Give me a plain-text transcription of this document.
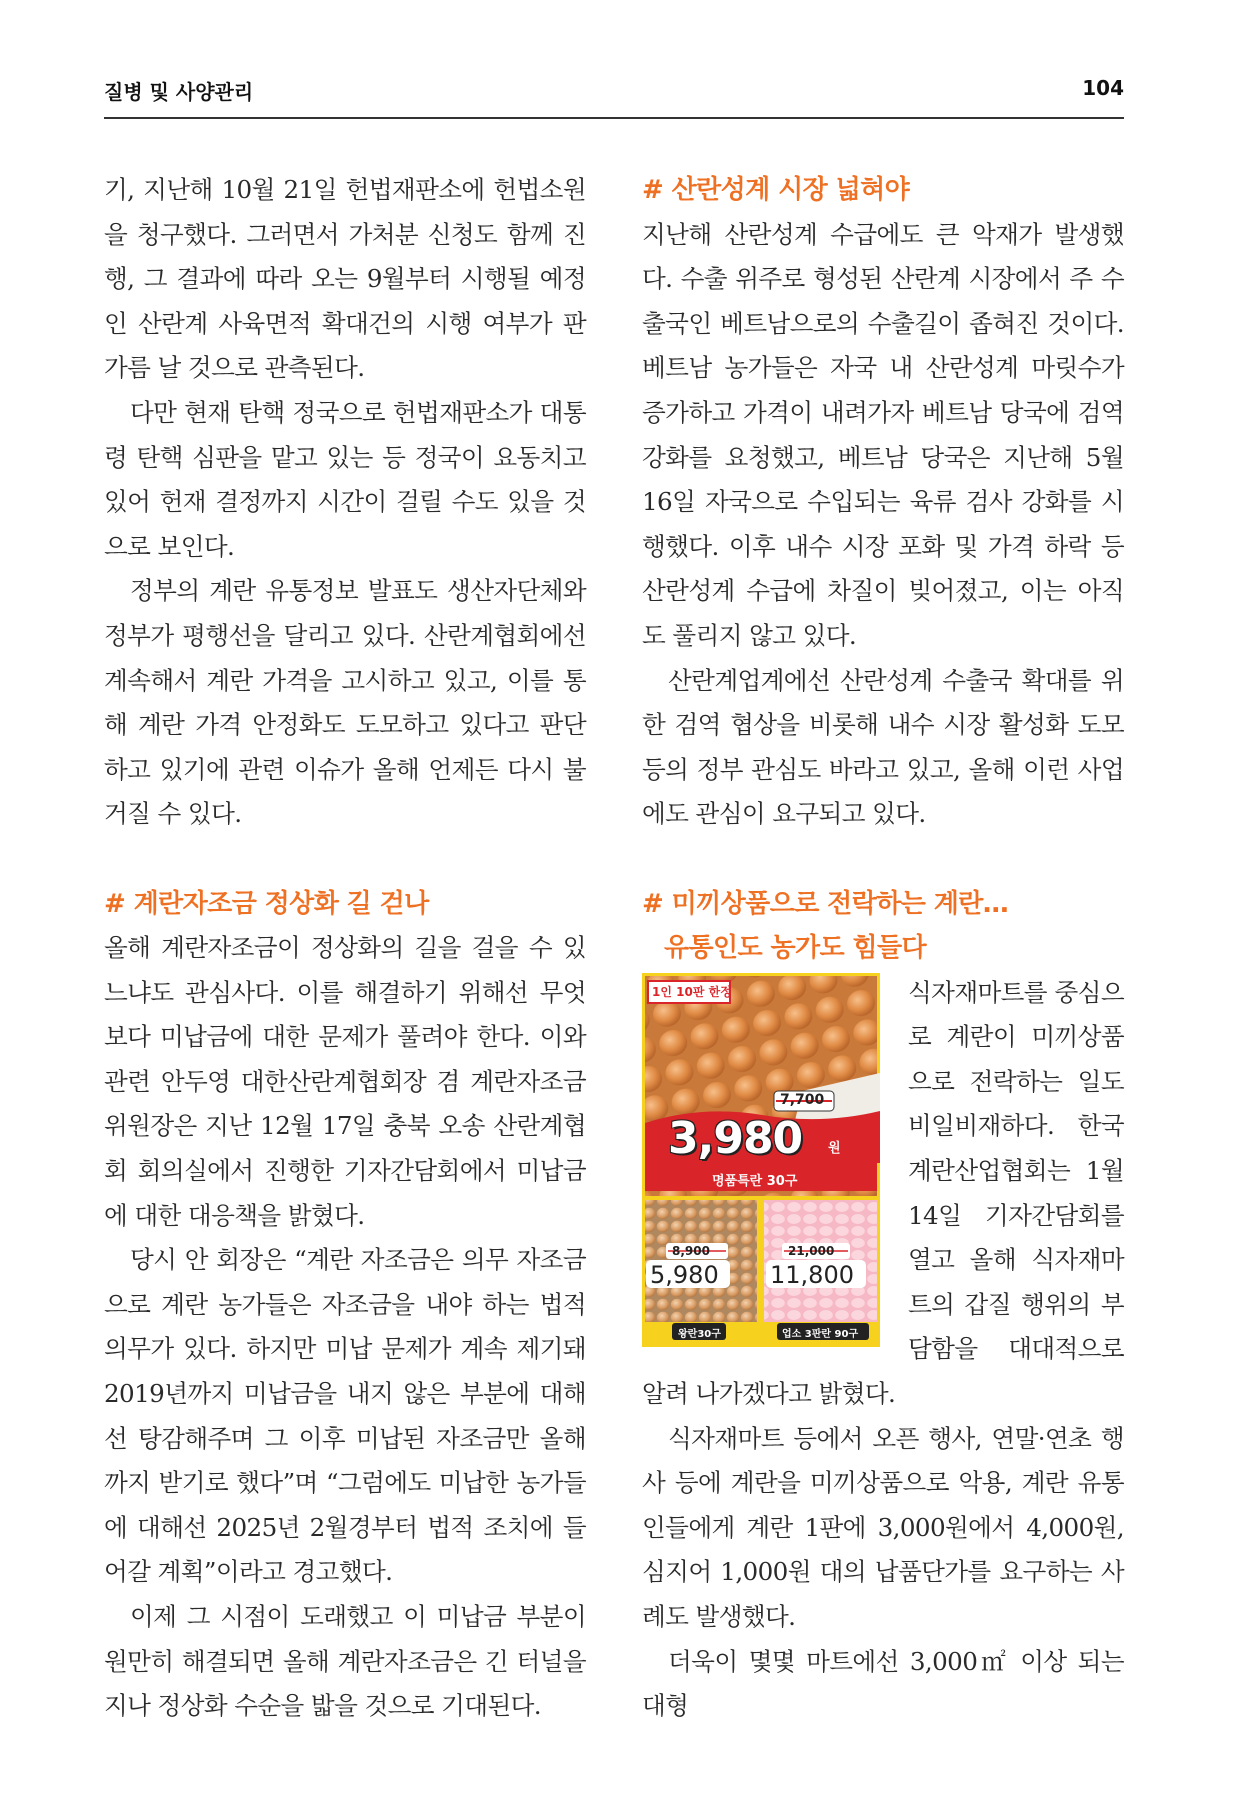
질병 및 사양관리	104

기, 지난해 10월 21일 헌법재판소에 헌법소원을 청구했다. 그러면서 가처분 신청도 함께 진행, 그 결과에 따라 오는 9월부터 시행될 예정인 산란계 사육면적 확대건의 시행 여부가 판가름 날 것으로 관측된다.

다만 현재 탄핵 정국으로 헌법재판소가 대통령 탄핵 심판을 맡고 있는 등 정국이 요동치고 있어 헌재 결정까지 시간이 걸릴 수도 있을 것으로 보인다.

정부의 계란 유통정보 발표도 생산자단체와 정부가 평행선을 달리고 있다. 산란계협회에선 계속해서 계란 가격을 고시하고 있고, 이를 통해 계란 가격 안정화도 도모하고 있다고 판단하고 있기에 관련 이슈가 올해 언제든 다시 불거질 수 있다.

# 계란자조금 정상화 길 걷나

올해 계란자조금이 정상화의 길을 걸을 수 있느냐도 관심사다. 이를 해결하기 위해선 무엇보다 미납금에 대한 문제가 풀려야 한다. 이와 관련 안두영 대한산란계협회장 겸 계란자조금 위원장은 지난 12월 17일 충북 오송 산란계협회 회의실에서 진행한 기자간담회에서 미납금에 대한 대응책을 밝혔다.

당시 안 회장은 “계란 자조금은 의무 자조금으로 계란 농가들은 자조금을 내야 하는 법적 의무가 있다. 하지만 미납 문제가 계속 제기돼 2019년까지 미납금을 내지 않은 부분에 대해선 탕감해주며 그 이후 미납된 자조금만 올해까지 받기로 했다”며 “그럼에도 미납한 농가들에 대해선 2025년 2월경부터 법적 조치에 들어갈 계획”이라고 경고했다.

이제 그 시점이 도래했고 이 미납금 부분이 원만히 해결되면 올해 계란자조금은 긴 터널을 지나 정상화 수순을 밟을 것으로 기대된다.

# 산란성계 시장 넓혀야

지난해 산란성계 수급에도 큰 악재가 발생했다. 수출 위주로 형성된 산란계 시장에서 주 수출국인 베트남으로의 수출길이 좁혀진 것이다. 베트남 농가들은 자국 내 산란성계 마릿수가 증가하고 가격이 내려가자 베트남 당국에 검역 강화를 요청했고, 베트남 당국은 지난해 5월 16일 자국으로 수입되는 육류 검사 강화를 시행했다. 이후 내수 시장 포화 및 가격 하락 등 산란성계 수급에 차질이 빚어졌고, 이는 아직도 풀리지 않고 있다.

산란계업계에선 산란성계 수출국 확대를 위한 검역 협상을 비롯해 내수 시장 활성화 도모 등의 정부 관심도 바라고 있고, 올해 이런 사업에도 관심이 요구되고 있다.

# 미끼상품으로 전락하는 계란…
유통인도 농가도 힘들다
1인 10판 한정
7,700
3,980 원
명품특란 30구
8,900
5,980
왕란30구
21,000
11,800
업소 3판란 90구

식자재마트를 중심으로 계란이 미끼상품으로 전락하는 일도 비일비재하다. 한국계란산업협회는 1월 14일 기자간담회를 열고 올해 식자재마트의 갑질 행위의 부담함을 대대적으로 알려 나가겠다고 밝혔다.

식자재마트 등에서 오픈 행사, 연말·연초 행사 등에 계란을 미끼상품으로 악용, 계란 유통인들에게 계란 1판에 3,000원에서 4,000원, 심지어 1,000원 대의 납품단가를 요구하는 사례도 발생했다.

더욱이 몇몇 마트에선 3,000㎡ 이상 되는 대형
